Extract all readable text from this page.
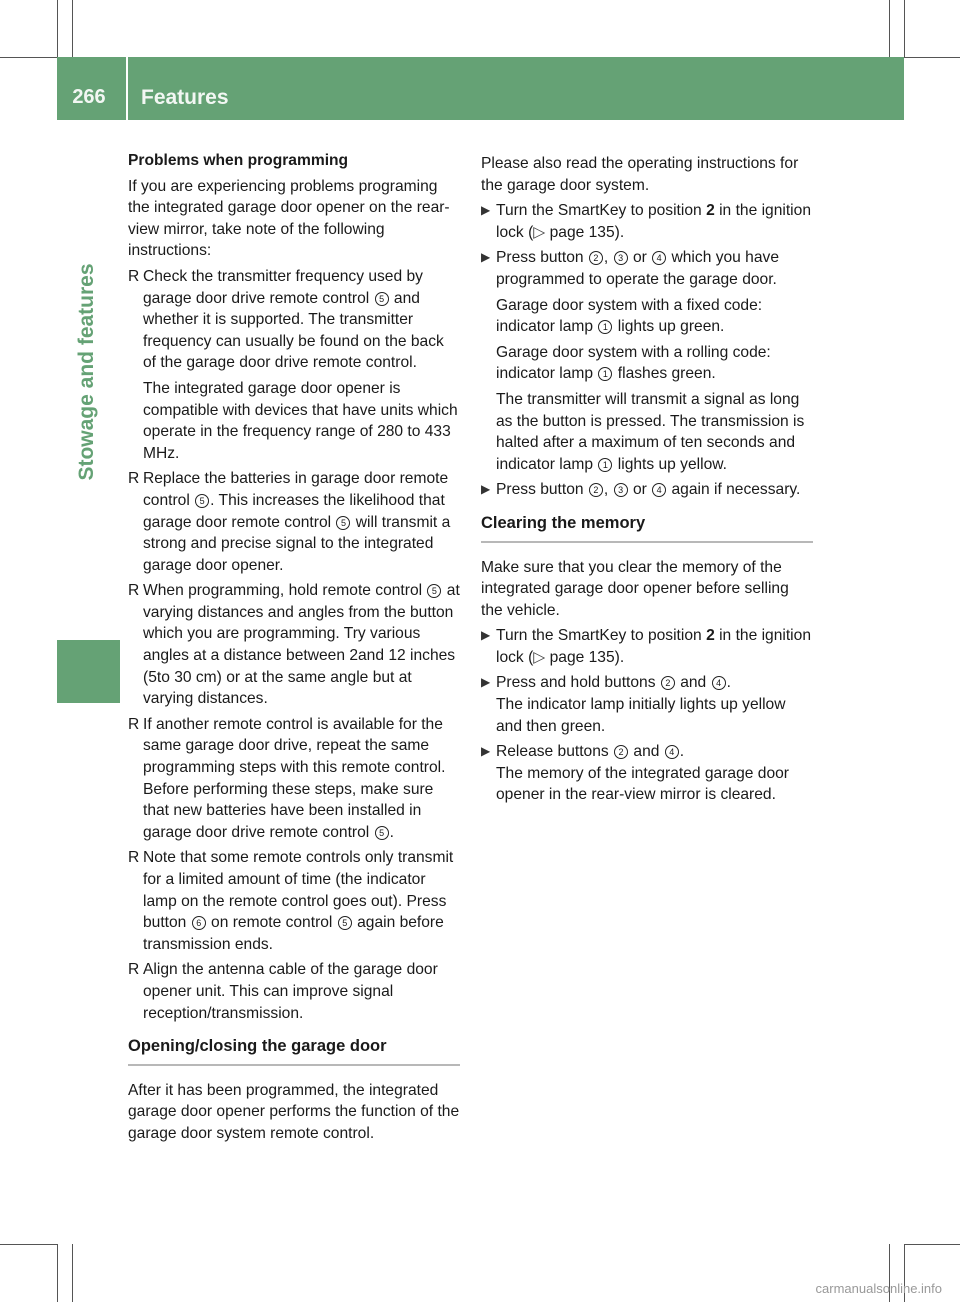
266	Features
Stowage and features
Problems when programming

If you are experiencing problems programing the integrated garage door opener on the rear-view mirror, take note of the following instructions:

R Check the transmitter frequency used by garage door drive remote control 5 and whether it is supported. The transmitter frequency can usually be found on the back of the garage door drive remote control.
The integrated garage door opener is compatible with devices that have units which operate in the frequency range of 280 to 433 MHz.
R Replace the batteries in garage door remote control 5 . This increases the likelihood that garage door remote control 5 will transmit a strong and precise signal to the integrated garage door opener.
R When programming, hold remote control 5 at varying distances and angles from the button which you are programming. Try various angles at a distance between 2and 12 inches (5to 30 cm) or at the same angle but at varying distances.
R If another remote control is available for the same garage door drive, repeat the same programming steps with this remote control. Before performing these steps, make sure that new batteries have been installed in garage door drive remote control 5 .
R Note that some remote controls only transmit for a limited amount of time (the indicator lamp on the remote control goes out). Press button 6 on remote control 5 again before transmission ends.
R Align the antenna cable of the garage door opener unit. This can improve signal reception/transmission.
Opening/closing the garage door

After it has been programmed, the integrated garage door opener performs the function of the garage door system remote control.

Please also read the operating instructions for the garage door system.

▶ Turn the SmartKey to position 2 in the ignition lock (▷ page 135).
▶ Press button 2 , 3 or 4 which you have programmed to operate the garage door.
Garage door system with a fixed code: indicator lamp 1 lights up green.
Garage door system with a rolling code: indicator lamp 1 flashes green.
The transmitter will transmit a signal as long as the button is pressed. The transmission is halted after a maximum of ten seconds and indicator lamp 1 lights up yellow.
▶ Press button 2 , 3 or 4 again if necessary.
Clearing the memory

Make sure that you clear the memory of the integrated garage door opener before selling the vehicle.

▶ Turn the SmartKey to position 2 in the ignition lock (▷ page 135).
▶ Press and hold buttons 2 and 4 .
The indicator lamp initially lights up yellow and then green.
▶ Release buttons 2 and 4 .
The memory of the integrated garage door opener in the rear-view mirror is cleared.
carmanualsonline.info
